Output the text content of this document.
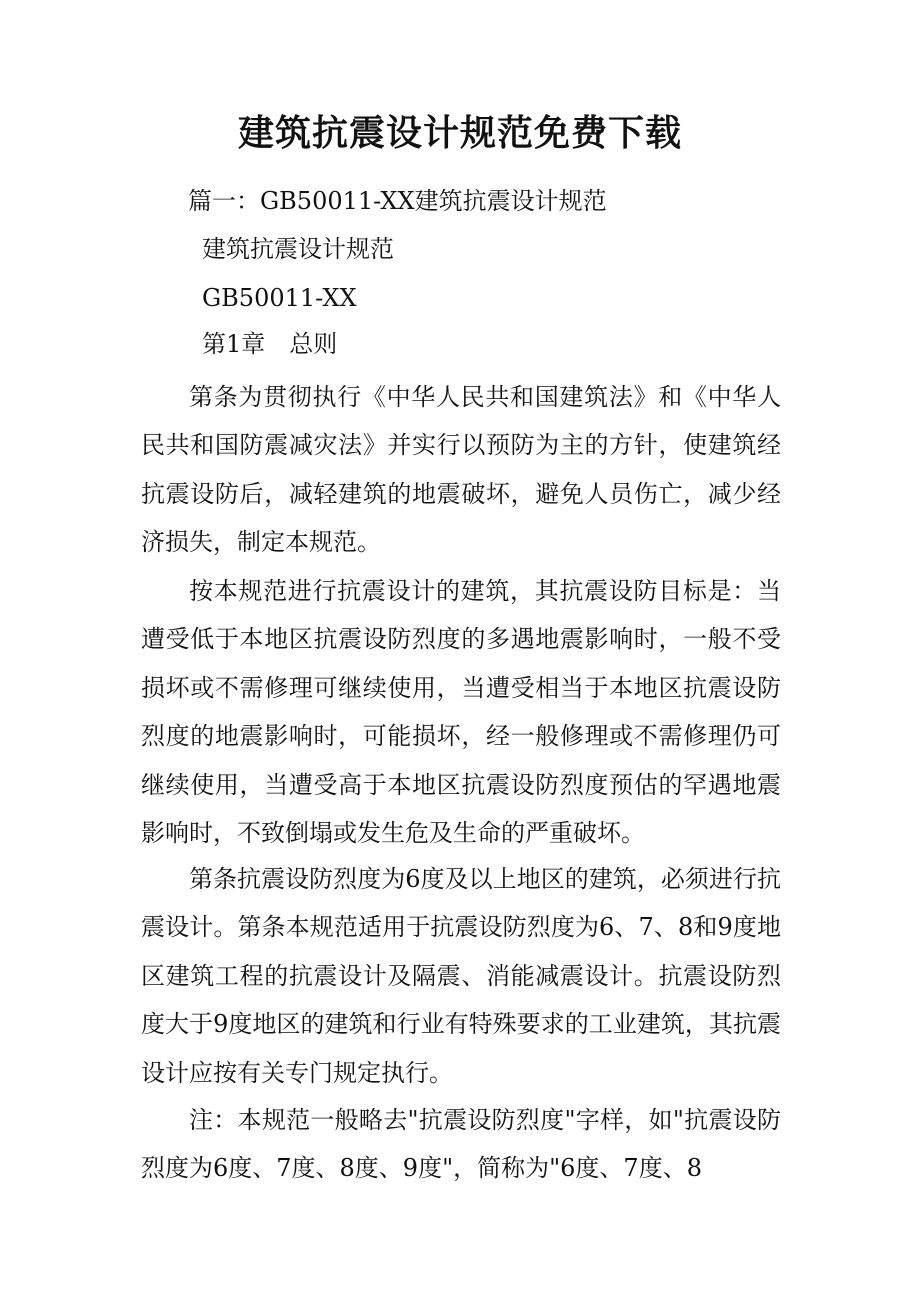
建筑抗震设计规范免费下载
篇一：GB50011-XX建筑抗震设计规范
建筑抗震设计规范
GB50011-XX
第1章　总则

第条为贯彻执行《中华人民共和国建筑法》和《中华人民共和国防震减灾法》并实行以预防为主的方针，使建筑经抗震设防后，减轻建筑的地震破坏，避免人员伤亡，减少经济损失，制定本规范。

按本规范进行抗震设计的建筑，其抗震设防目标是：当遭受低于本地区抗震设防烈度的多遇地震影响时，一般不受损坏或不需修理可继续使用，当遭受相当于本地区抗震设防烈度的地震影响时，可能损坏，经一般修理或不需修理仍可继续使用，当遭受高于本地区抗震设防烈度预估的罕遇地震影响时，不致倒塌或发生危及生命的严重破坏。

第条抗震设防烈度为6度及以上地区的建筑，必须进行抗震设计。第条本规范适用于抗震设防烈度为6、7、8和9度地区建筑工程的抗震设计及隔震、消能减震设计。抗震设防烈度大于9度地区的建筑和行业有特殊要求的工业建筑，其抗震设计应按有关专门规定执行。

注：本规范一般略去"抗震设防烈度"字样，如"抗震设防烈度为6度、7度、8度、9度"，简称为"6度、7度、8
